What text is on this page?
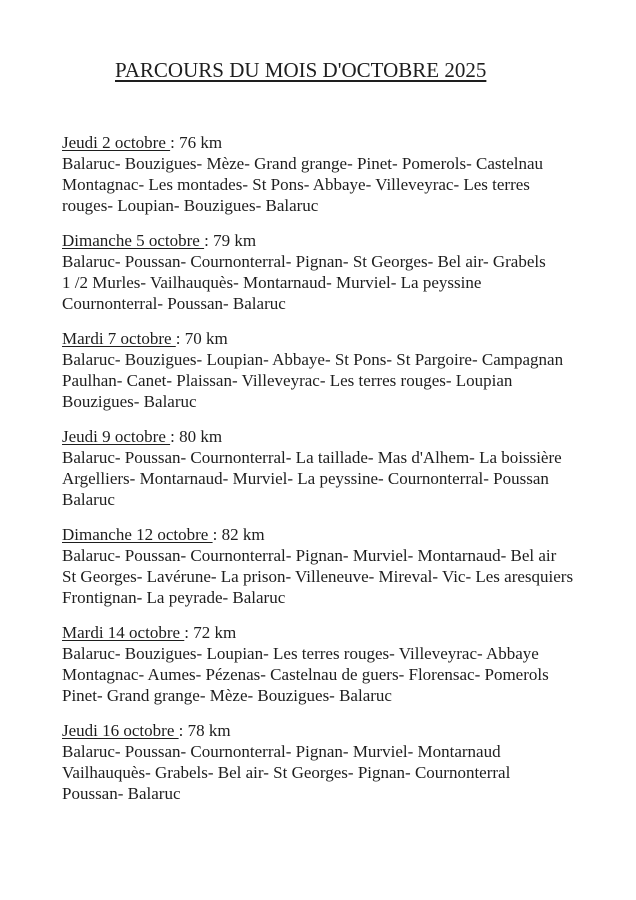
PARCOURS DU MOIS D'OCTOBRE 2025
Jeudi 2 octobre : 76 km
Balaruc- Bouzigues- Mèze- Grand grange- Pinet- Pomerols- Castelnau
Montagnac- Les montades- St Pons- Abbaye- Villeveyrac- Les terres
rouges- Loupian- Bouzigues- Balaruc
Dimanche 5 octobre : 79 km
Balaruc- Poussan- Cournonterral- Pignan- St Georges- Bel air- Grabels
1 /2 Murles- Vailhauquès- Montarnaud- Murviel- La peyssine
Cournonterral- Poussan- Balaruc
Mardi 7 octobre : 70 km
Balaruc- Bouzigues- Loupian- Abbaye- St Pons- St Pargoire- Campagnan
Paulhan- Canet- Plaissan- Villeveyrac- Les terres rouges- Loupian
Bouzigues- Balaruc
Jeudi 9 octobre : 80 km
Balaruc- Poussan- Cournonterral- La taillade- Mas d'Alhem- La boissière
Argelliers- Montarnaud- Murviel- La peyssine- Cournonterral- Poussan
Balaruc
Dimanche 12 octobre : 82 km
Balaruc- Poussan- Cournonterral- Pignan- Murviel- Montarnaud- Bel air
St Georges- Lavérune- La prison- Villeneuve- Mireval- Vic- Les aresquiers
Frontignan- La peyrade- Balaruc
Mardi 14 octobre : 72 km
Balaruc- Bouzigues- Loupian- Les terres rouges- Villeveyrac- Abbaye
Montagnac- Aumes- Pézenas- Castelnau de guers- Florensac- Pomerols
Pinet- Grand grange- Mèze- Bouzigues- Balaruc
Jeudi 16 octobre : 78 km
Balaruc- Poussan- Cournonterral- Pignan- Murviel- Montarnaud
Vailhauquès- Grabels- Bel air- St Georges- Pignan- Cournonterral
Poussan- Balaruc
